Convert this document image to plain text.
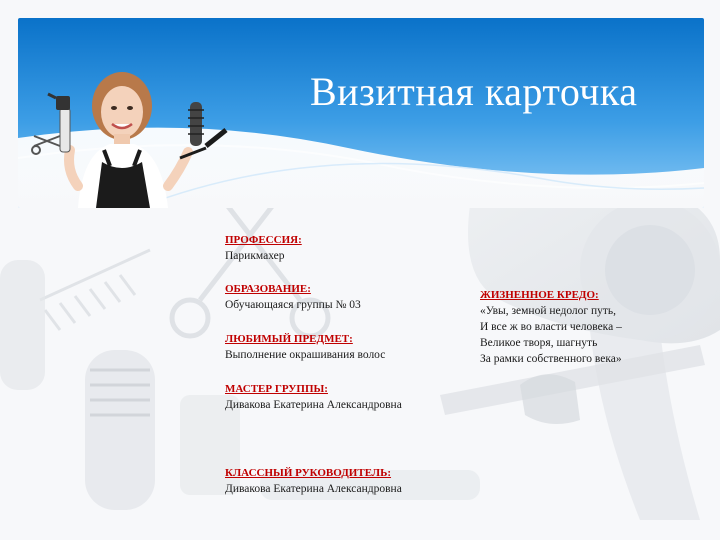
Визитная карточка
ПРОФЕССИЯ:
Парикмахер
ОБРАЗОВАНИЕ:
Обучающаяся группы № 03
ЛЮБИМЫЙ ПРЕДМЕТ:
Выполнение окрашивания волос
МАСТЕР ГРУППЫ:
Дивакова Екатерина Александровна
КЛАССНЫЙ РУКОВОДИТЕЛЬ:
Дивакова Екатерина Александровна
ЖИЗНЕННОЕ КРЕДО:
«Увы, земной недолог путь,
И все ж во власти человека –
Великое творя, шагнуть
За рамки собственного века»
